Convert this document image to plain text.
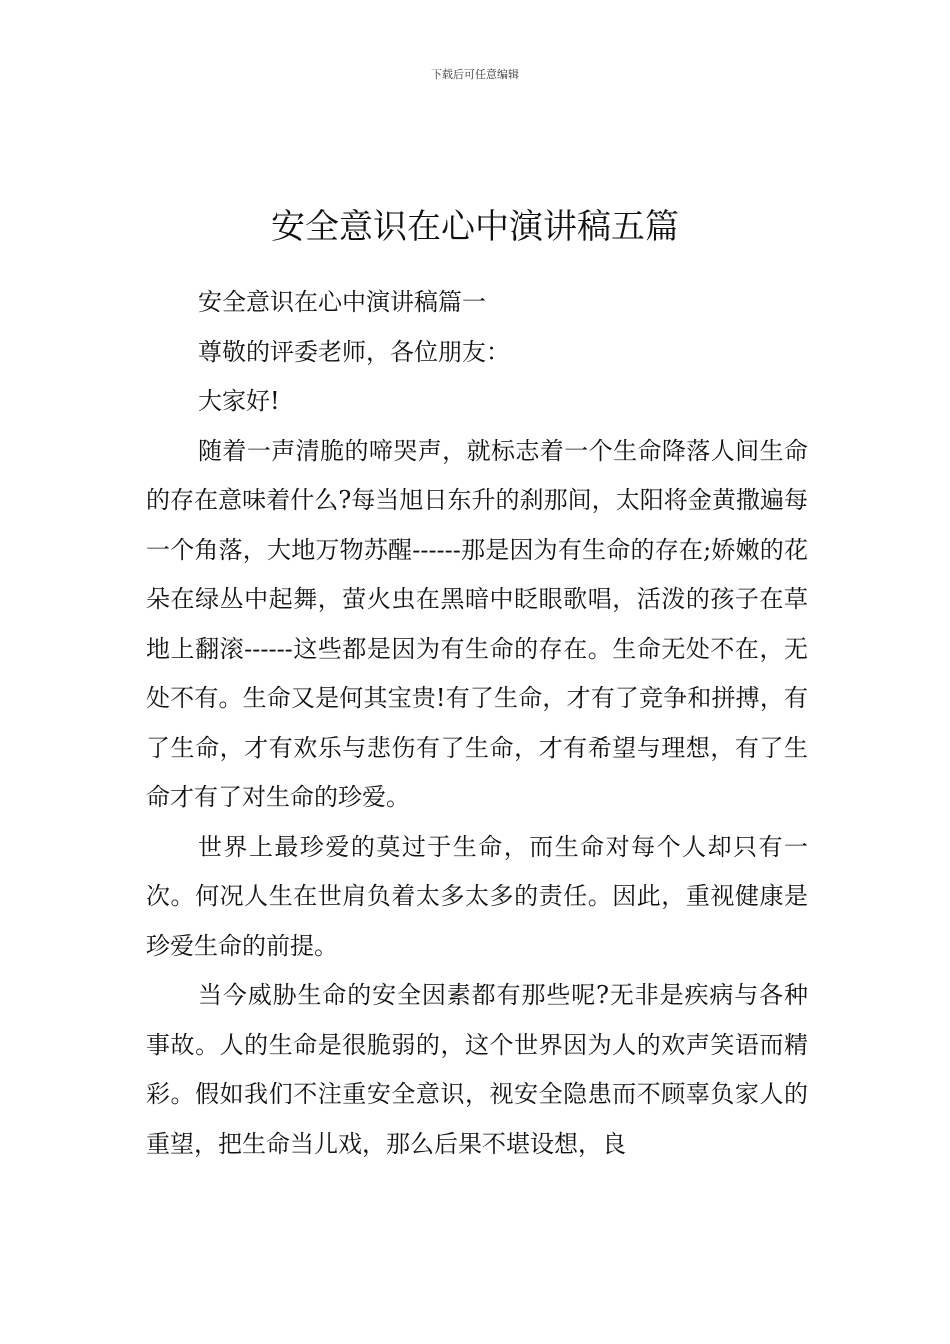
下载后可任意编辑
安全意识在心中演讲稿五篇

安全意识在心中演讲稿篇一

尊敬的评委老师，各位朋友：

大家好!

随着一声清脆的啼哭声，就标志着一个生命降落人间生命的存在意味着什么?每当旭日东升的刹那间，太阳将金黄撒遍每一个角落，大地万物苏醒------那是因为有生命的存在;娇嫩的花朵在绿丛中起舞，萤火虫在黑暗中眨眼歌唱，活泼的孩子在草地上翻滚------这些都是因为有生命的存在。生命无处不在，无处不有。生命又是何其宝贵!有了生命，才有了竞争和拼搏，有了生命，才有欢乐与悲伤有了生命，才有希望与理想，有了生命才有了对生命的珍爱。

世界上最珍爱的莫过于生命，而生命对每个人却只有一次。何况人生在世肩负着太多太多的责任。因此，重视健康是珍爱生命的前提。

当今威胁生命的安全因素都有那些呢?无非是疾病与各种事故。人的生命是很脆弱的，这个世界因为人的欢声笑语而精彩。假如我们不注重安全意识，视安全隐患而不顾辜负家人的重望，把生命当儿戏，那么后果不堪设想，良
